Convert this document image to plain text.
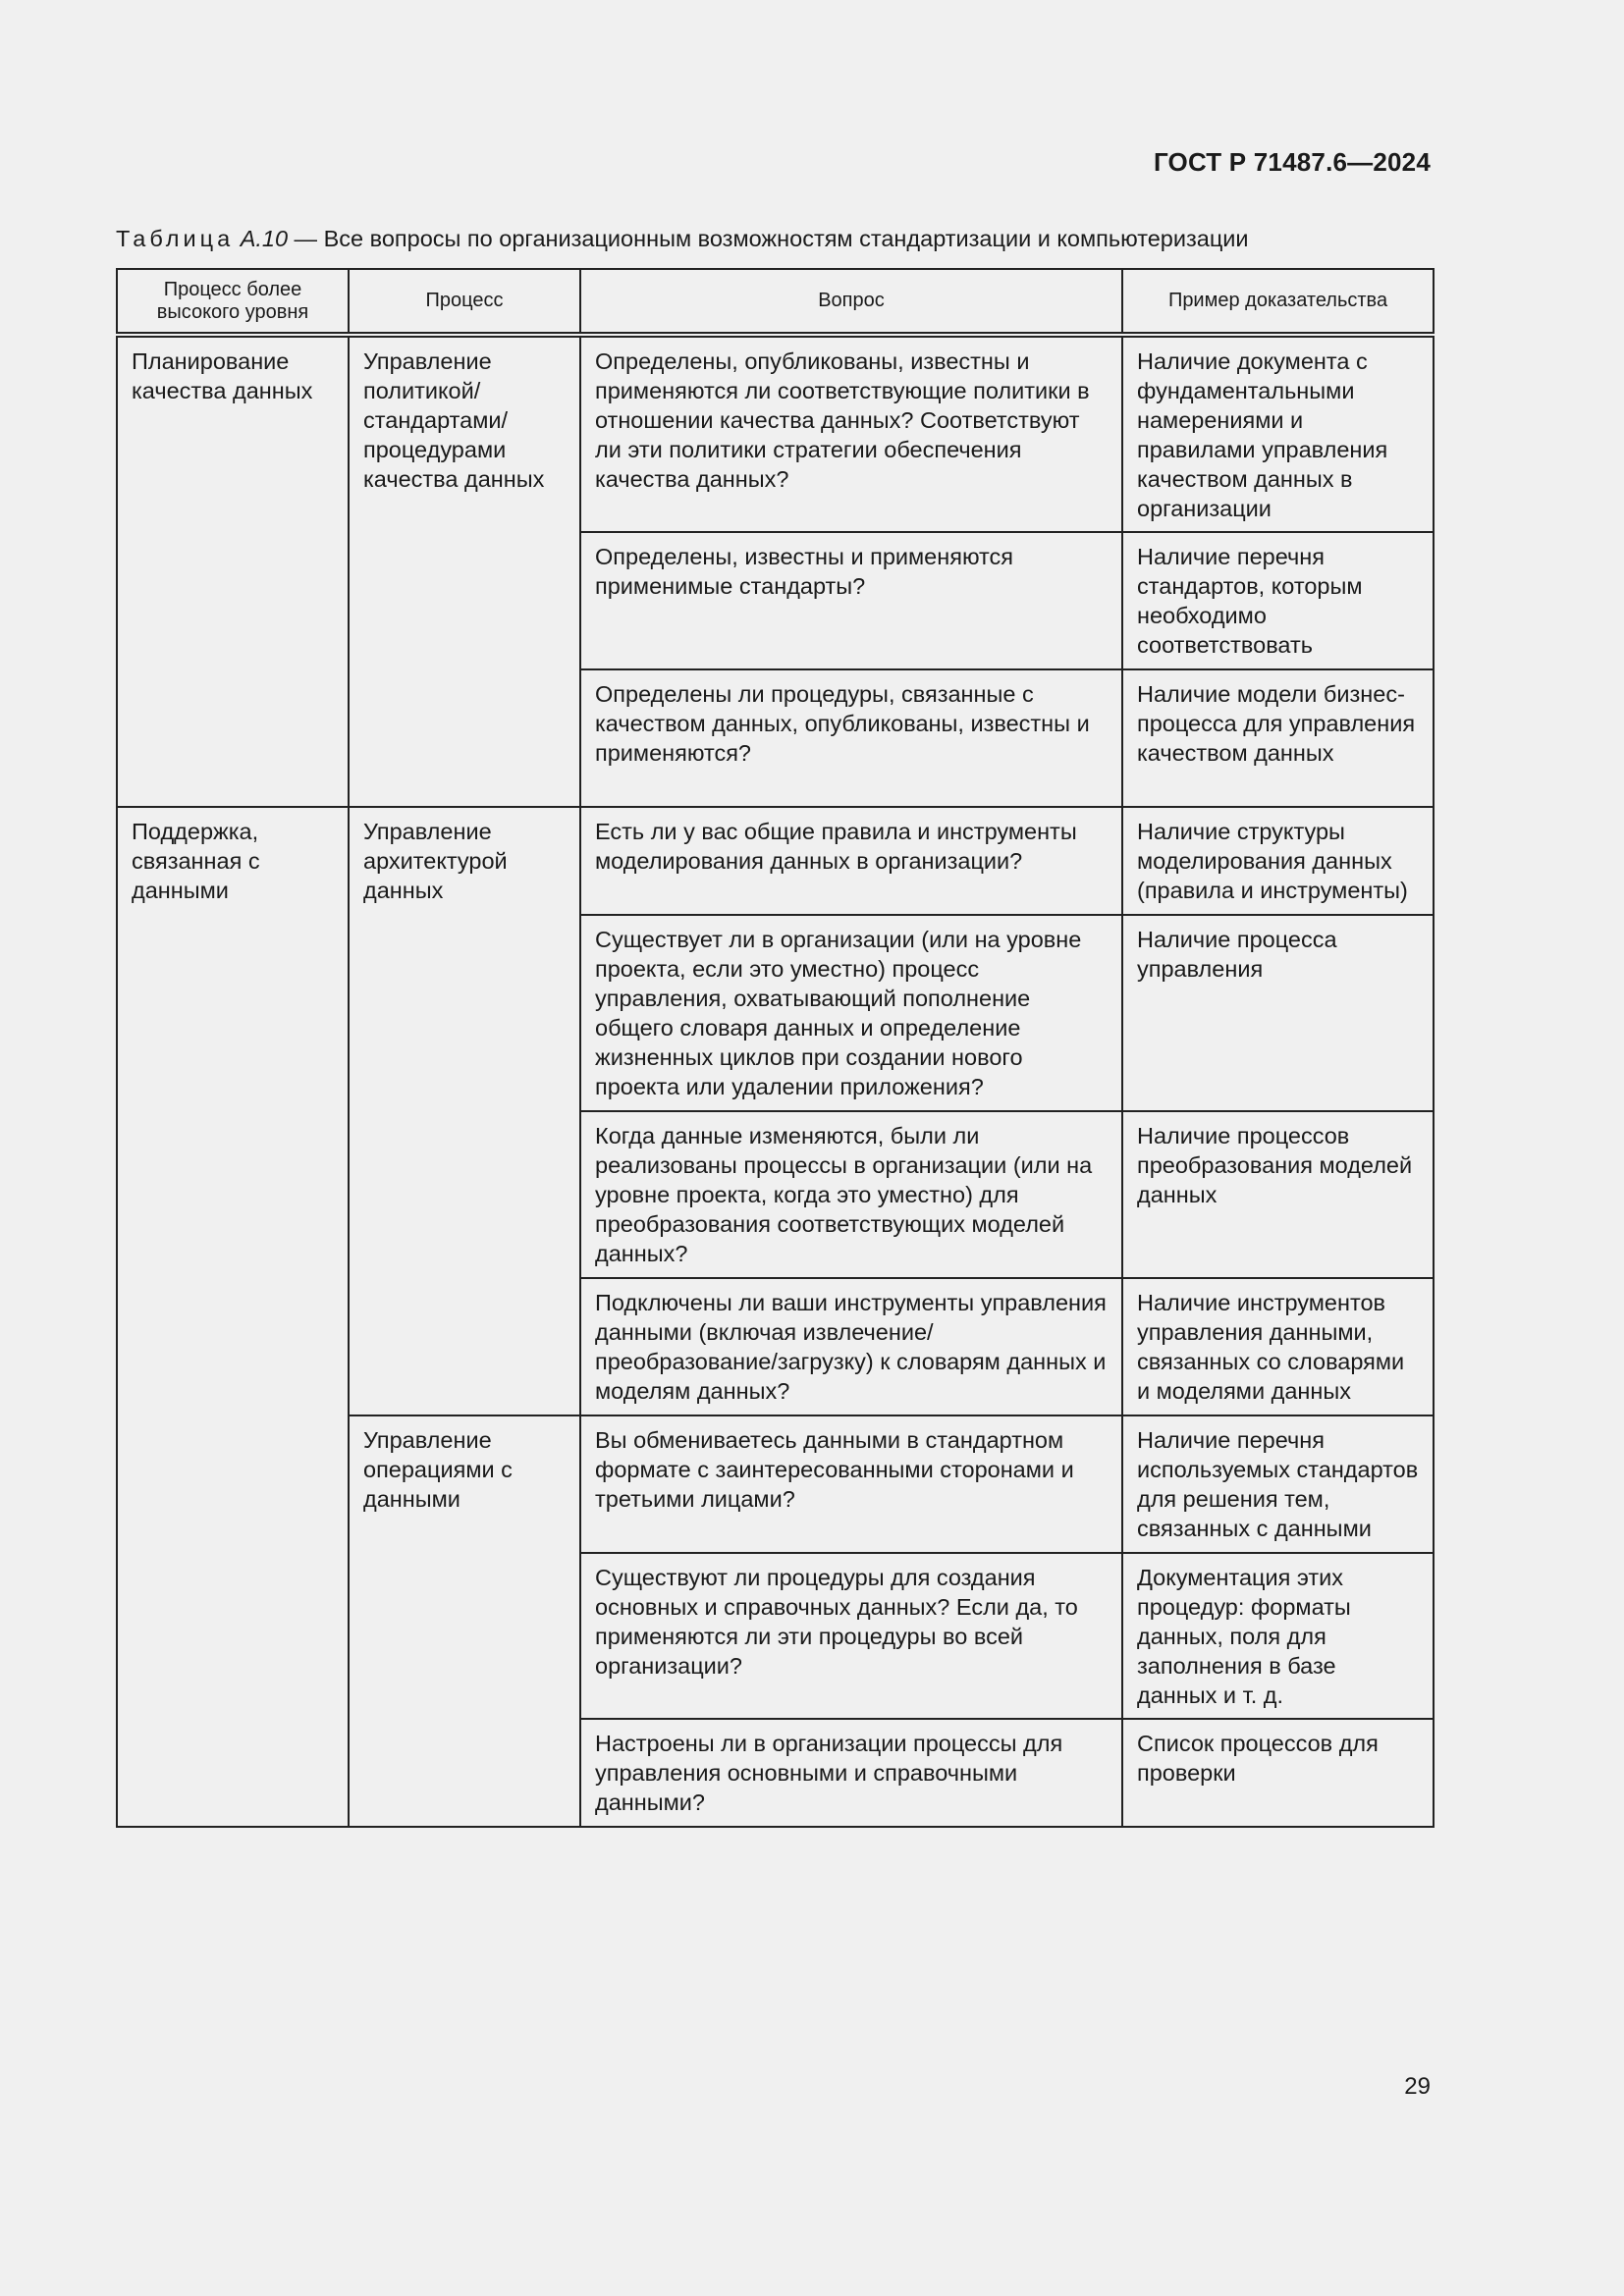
ГОСТ Р 71487.6—2024
Таблица A.10 — Все вопросы по организационным возможностям стандартизации и компьютеризации
Процесс более высокого уровня	Процесс	Вопрос	Пример доказательства
Планирование качества данных	Управление политикой/ стандартами/ процедурами качества данных	Определены, опубликованы, известны и применяются ли соответствующие политики в отношении качества данных? Соответствуют ли эти политики стратегии обеспечения качества данных?	Наличие документа с фундаментальными намерениями и правилами управления качеством данных в организации
		Определены, известны и применяются применимые стандарты?	Наличие перечня стандартов, которым необходимо соответствовать
		Определены ли процедуры, связанные с качеством данных, опубликованы, известны и применяются?	Наличие модели бизнес-процесса для управления качеством данных
Поддержка, связанная с данными	Управление архитектурой данных	Есть ли у вас общие правила и инструменты моделирования данных в организации?	Наличие структуры моделирования данных (правила и инструменты)
		Существует ли в организации (или на уровне проекта, если это уместно) процесс управления, охватывающий пополнение общего словаря данных и определение жизненных циклов при создании нового проекта или удалении приложения?	Наличие процесса управления
		Когда данные изменяются, были ли реализованы процессы в организации (или на уровне проекта, когда это уместно) для преобразования соответствующих моделей данных?	Наличие процессов преобразования моделей данных
		Подключены ли ваши инструменты управления данными (включая извлечение/преобразование/загрузку) к словарям данных и моделям данных?	Наличие инструментов управления данными, связанных со словарями и моделями данных
	Управление операциями с данными	Вы обмениваетесь данными в стандартном формате с заинтересованными сторонами и третьими лицами?	Наличие перечня используемых стандартов для решения тем, связанных с данными
		Существуют ли процедуры для создания основных и справочных данных? Если да, то применяются ли эти процедуры во всей организации?	Документация этих процедур: форматы данных, поля для заполнения в базе данных и т. д.
		Настроены ли в организации процессы для управления основными и справочными данными?	Список процессов для проверки
29
